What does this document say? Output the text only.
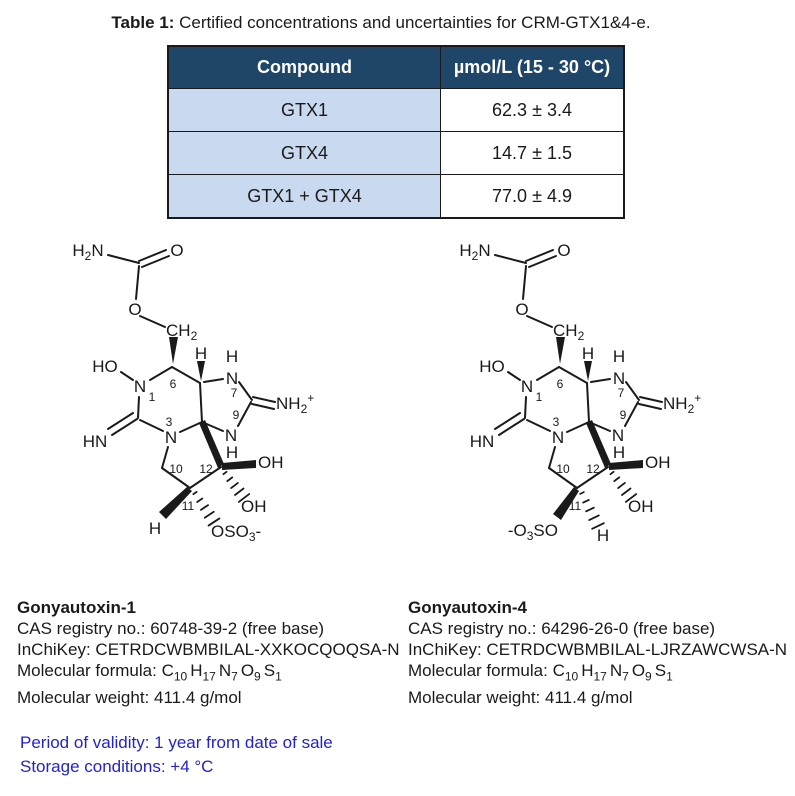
Table 1: Certified concentrations and uncertainties for CRM-GTX1&4-e.
Compound	µmol/L (15 - 30 °C)
GTX1	62.3 ± 3.4
GTX4	14.7 ± 1.5
GTX1 + GTX4	77.0 ± 4.9
$H_2N$	O
O
$CH_2$
HO
N
1
6
H H
N
7
$NH_2^+$
9
N
H
HN
3
N
10 12
11
OH
OH
H	$OSO_3-$
$H_2N$	O
O
$CH_2$
HO
N
1
6
H H
N
7
$NH_2^+$
9
N
H
HN
3
N
10 12
11
OH
OH
$-O_3SO$ H
Gonyautoxin-1
CAS registry no.: 60748-39-2 (free base)
InChiKey: CETRDCWBMBILAL-XXKOCQOQSA-N
Molecular formula: $C_{10}$ $H_{17}$ $N_7$ $O_9$ $S_1$
Molecular weight: 411.4 g/mol
Gonyautoxin-4
CAS registry no.: 64296-26-0 (free base)
InChiKey: CETRDCWBMBILAL-LJRZAWCWSA-N
Molecular formula: $C_{10}$ $H_{17}$ $N_7$ $O_9$ $S_1$
Molecular weight: 411.4 g/mol
Period of validity: 1 year from date of sale
Storage conditions: +4 °C
